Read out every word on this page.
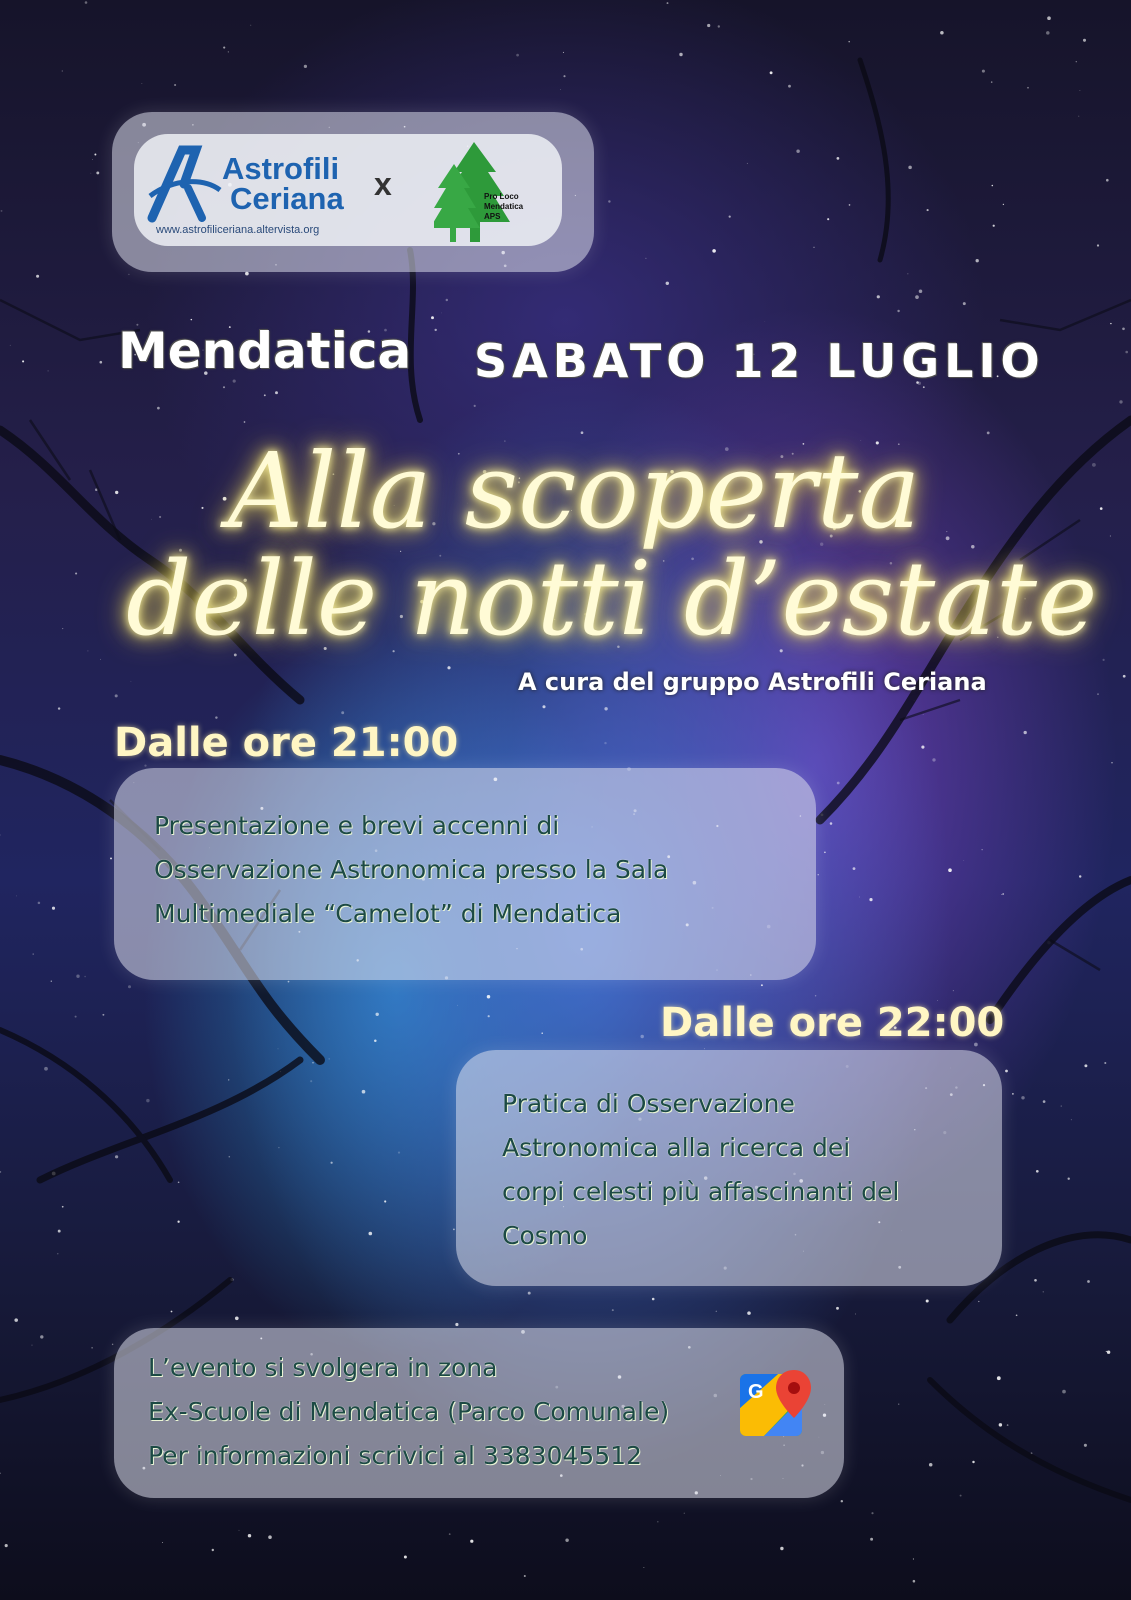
Astrofili
Ceriana
www.astrofiliceriana.altervista.org
x	Pro Loco
Mendatica
APS
Mendatica SABATO 12 LUGLIO
Alla scoperta
delle notti d’estate
A cura del gruppo Astrofili Ceriana
Dalle ore 21:00
Presentazione e brevi accenni di
Osservazione Astronomica presso la Sala
Multimediale “Camelot” di Mendatica
Dalle ore 22:00
Pratica di Osservazione
Astronomica alla ricerca dei
corpi celesti più affascinanti del
Cosmo
L’evento si svolgera in zona
Ex-Scuole di Mendatica (Parco Comunale)
Per informazioni scrivici al 3383045512
G
